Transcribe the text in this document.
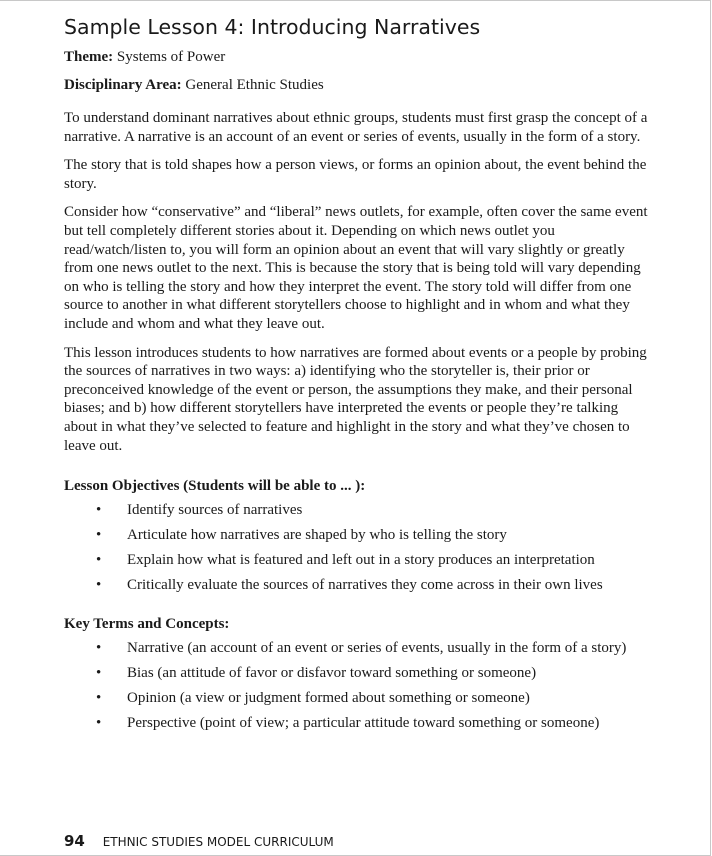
Sample Lesson 4: Introducing Narratives
Theme: Systems of Power
Disciplinary Area: General Ethnic Studies

To understand dominant narratives about ethnic groups, students must first grasp the concept of a narrative. A narrative is an account of an event or series of events, usually in the form of a story.

The story that is told shapes how a person views, or forms an opinion about, the event behind the story.

Consider how “conservative” and “liberal” news outlets, for example, often cover the same event but tell completely different stories about it. Depending on which news outlet you read/watch/listen to, you will form an opinion about an event that will vary slightly or greatly from one news outlet to the next. This is because the story that is being told will vary depending on who is telling the story and how they interpret the event. The story told will differ from one source to another in what different storytellers choose to highlight and in whom and what they include and whom and what they leave out.

This lesson introduces students to how narratives are formed about events or a people by probing the sources of narratives in two ways: a) identifying who the storyteller is, their prior or preconceived knowledge of the event or person, the assumptions they make, and their personal biases; and b) how different storytellers have interpreted the events or people they’re talking about in what they’ve selected to feature and highlight in the story and what they’ve chosen to leave out.

Lesson Objectives (Students will be able to ... ):
• Identify sources of narratives
• Articulate how narratives are shaped by who is telling the story
• Explain how what is featured and left out in a story produces an interpretation
• Critically evaluate the sources of narratives they come across in their own lives
Key Terms and Concepts:
• Narrative (an account of an event or series of events, usually in the form of a story)
• Bias (an attitude of favor or disfavor toward something or someone)
• Opinion (a view or judgment formed about something or someone)
• Perspective (point of view; a particular attitude toward something or someone)
94 ETHNIC STUDIES MODEL CURRICULUM
